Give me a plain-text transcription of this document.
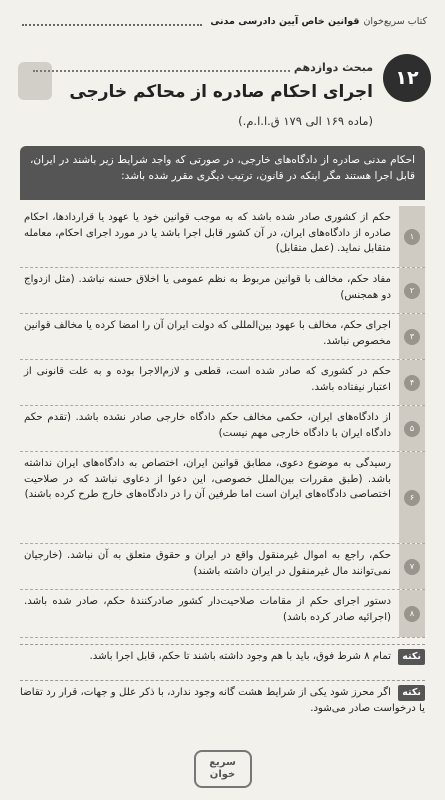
کتاب سریع‌خوان
قوانین خاص آیین دادرسی مدنی
۱۲
مبحث دوازدهم
اجرای احکام صادره از محاکم خارجی
(ماده ۱۶۹ الی ۱۷۹ ق.ا.ا.م.)
احکام مدنی صادره از دادگاه‌های خارجی، در صورتی که واجد شرایط زیر باشند در ایران، قابل اجرا هستند مگر اینکه در قانون، ترتیب دیگری مقرر شده باشد:
۱
حکم از کشوری صادر شده باشد که به موجب قوانین خود یا عهود یا قراردادها، احکام صادره از دادگاه‌های ایران، در آن کشور قابل اجرا باشد یا در مورد اجرای احکام، معامله متقابل نماید. (عمل متقابل)
۲
مفاد حکم، مخالف با قوانین مربوط به نظم عمومی یا اخلاق حسنه نباشد. (مثل ازدواج دو همجنس)
۳
اجرای حکم، مخالف با عهود بین‌المللی که دولت ایران آن را امضا کرده یا مخالف قوانین مخصوص نباشد.
۴
حکم در کشوری که صادر شده است، قطعی و لازم‌الاجرا بوده و به علت قانونی از اعتبار نیفتاده باشد.
۵
از دادگاه‌های ایران، حکمی مخالف حکم دادگاه خارجی صادر نشده باشد. (تقدم حکم دادگاه ایران با دادگاه خارجی مهم نیست)
۶
رسیدگی به موضوع دعوی، مطابق قوانین ایران، اختصاص به دادگاه‌های ایران نداشته باشد. (طبق مقررات بین‌الملل خصوصی، این دعوا از دعاوی نباشد که در صلاحیت اختصاصی دادگاه‌های ایران است اما طرفین آن را در دادگاه‌های خارج طرح کرده باشند)
۷
حکم، راجع به اموال غیرمنقول واقع در ایران و حقوق متعلق به آن نباشد. (خارجیان نمی‌توانند مال غیرمنقول در ایران داشته باشند)
۸
دستور اجرای حکم از مقامات صلاحیت‌دار کشور صادرکنندهٔ حکم، صادر شده باشد. (اجرائیه صادر کرده باشد)
نکته تمام ۸ شرط فوق، باید با هم وجود داشته باشند تا حکم، قابل اجرا باشد.
نکته اگر محرز شود یکی از شرایط هشت گانه وجود ندارد، با ذکر علل و جهات، قرار رد تقاضا یا درخواست صادر می‌شود.
سریع
خوان
